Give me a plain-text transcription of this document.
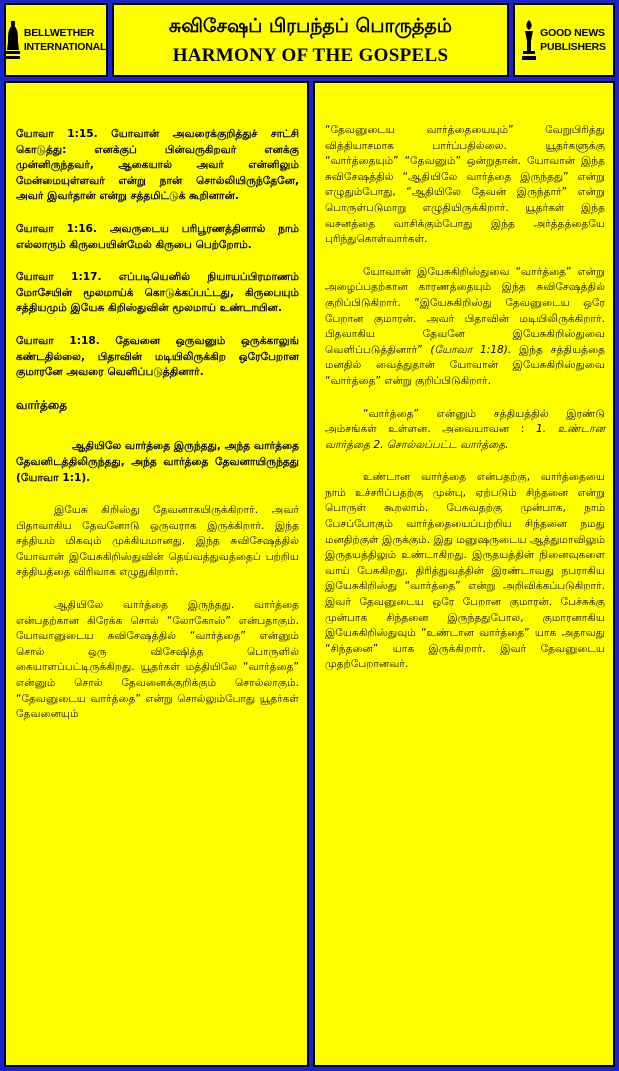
BELLWETHER
INTERNATIONAL
சுவிசேஷப் பிரபந்தப் பொருத்தம்
HARMONY OF THE GOSPELS
GOOD NEWS
PUBLISHERS

யோவா 1:15. யோவான் அவரைக்குறித்துச் சாட்சி கொடுத்து: எனக்குப் பின்வருகிறவர் எனக்கு முன்னிருந்தவர், ஆகையால் அவர் என்னிலும் மேன்மையுள்ளவர் என்று நான் சொல்லியிருந்தேனே, அவர் இவர்தான் என்று சத்தமிட்டுக் கூறினான்.

யோவா 1:16. அவருடைய பரிபூரணத்தினால் நாம் எல்லாரும் கிருபையின்மேல் கிருபை பெற்றோம்.

யோவா 1:17. எப்படியெனில் நியாயப்பிரமாணம் மோசேயின் மூலமாய்க் கொடுக்கப்பட்டது, கிருபையும் சத்தியமும் இயேசு கிறிஸ்துவின் மூலமாய் உண்டாயின.

யோவா 1:18. தேவனை ஒருவனும் ஒருக்காலுங் கண்டதில்லை, பிதாவின் மடியிலிருக்கிற ஒரேபேறான குமாரனே அவரை வெளிப்படுத்தினார்.

வார்த்தை

ஆதியிலே வார்த்தை இருந்தது, அந்த வார்த்தை தேவனிடத்திலிருந்தது, அந்த வார்த்தை தேவனாயிருந்தது (யோவா 1:1).

இயேசு கிறிஸ்து தேவனாகயிருக்கிறார். அவர் பிதாவாகிய தேவனோடு ஒருவராக இருக்கிறார். இந்த சத்தியம் மிகவும் முக்கியமானது. இந்த சுவிசேஷத்தில் யோவான் இயேசுகிறிஸ்துவின் தெய்வத்துவத்தைப் பற்றிய சத்தியத்தை விரிவாக எழுதுகிறார்.

ஆதியிலே வார்த்தை இருந்தது. வார்த்தை என்பதற்கான கிரேக்க சொல் “லோகோஸ்” என்பதாகும். யோவானுடைய சுவிசேஷத்தில் “வார்த்தை” என்னும் சொல் ஒரு விசேஷித்த பொருளில் கையாளப்பட்டிருக்கிறது. யூதர்கள் மத்தியிலே “வார்த்தை” என்னும் சொல் தேவனைக்குறிக்கும் சொல்லாகும். “தேவனுடைய வார்த்தை” என்று சொல்லும்போது யூதர்கள் தேவனையும்

“தேவனுடைய வார்த்தையையும்” வேறுபிரித்து வித்தியாசமாக பார்ப்பதில்லை. யூதர்களுக்கு “வார்த்தையும்” “தேவனும்” ஒன்றுதான். யோவான் இந்த சுவிசேஷத்தில் “ஆதியிலே வார்த்தை இருந்தது” என்று எழுதும்போது, “ஆதியிலே தேவன் இருந்தார்” என்று பொருள்படுமாறு எழுதியிருக்கிறார். யூதர்கள் இந்த வசனத்தை வாசிக்கும்போது இந்த அர்த்தத்தையே புரிந்துகொள்வார்கள்.

யோவான் இயேசுகிறிஸ்துவை “வார்த்தை” என்று அழைப்பதற்கான காரணத்தையும் இந்த சுவிசேஷத்தில் குறிப்பிடுகிறார். “இயேசுகிறிஸ்து தேவனுடைய ஒரே பேறான குமாரன். அவர் பிதாவின் மடியிலிருக்கிறார். பிதவாகிய தேவனே இயேசுகிறிஸ்துவை வெளிப்படுத்தினார்” (யோவா 1:18). இந்த சத்தியத்தை மனதில் வைத்துதான் யோவான் இயேசுகிறிஸ்துவை “வார்த்தை” என்று குறிப்பிடுகிறார்.

“வார்த்தை” என்னும் சத்தியத்தில் இரண்டு அம்சங்கள் உள்ளன. அவையாவன : 1. உண்டான வார்த்தை 2. சொல்லப்பட்ட வார்த்தை.

உண்டான வார்த்தை என்பதற்கு, வார்த்தையை நாம் உச்சரிப்பதற்கு முன்பு, ஏற்படும் சிந்தனை என்று பொருள் கூறலாம். பேசுவதற்கு முன்பாக, நாம் பேசப்போகும் வார்த்தையைப்பற்றிய சிந்தனை நமது மனதிற்குள் இருக்கும். இது மனுஷருடைய ஆத்துமாவிலும் இருதயத்திலும் உண்டாகிறது. இருதயத்தின் நினைவுகளை வாய் பேசுகிறது. திரித்துவத்தின் இரண்டாவது நபராகிய இயேசுகிறிஸ்து “வார்த்தை” என்று அறிவிக்கப்படுகிறார். இவர் தேவனுடைய ஒரே பேறான குமாரன். பேச்சுக்கு முன்பாக சிந்தனை இருந்ததுபோல, குமாரனாகிய இயேசுகிறிஸ்துவும் “உண்டான வார்த்தை” யாக அதாவது “சிந்தனை” யாக இருக்கிறார். இவர் தேவனுடைய முதற்பேறானவர்.
